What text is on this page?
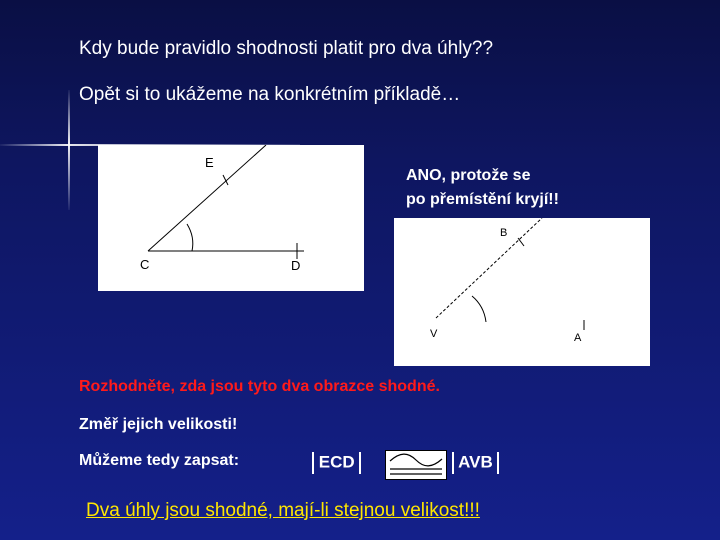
Kdy bude pravidlo shodnosti platit pro dva úhly??
Opět si to ukážeme na konkrétním příkladě…
E
C	D
ANO, protože se
po přemístění kryjí!!
B
V	A
Rozhodněte, zda jsou tyto dva obrazce shodné.
Změř jejich velikosti!
Můžeme tedy zapsat:	ECD	AVB
Dva úhly jsou shodné, mají-li stejnou velikost!!!
